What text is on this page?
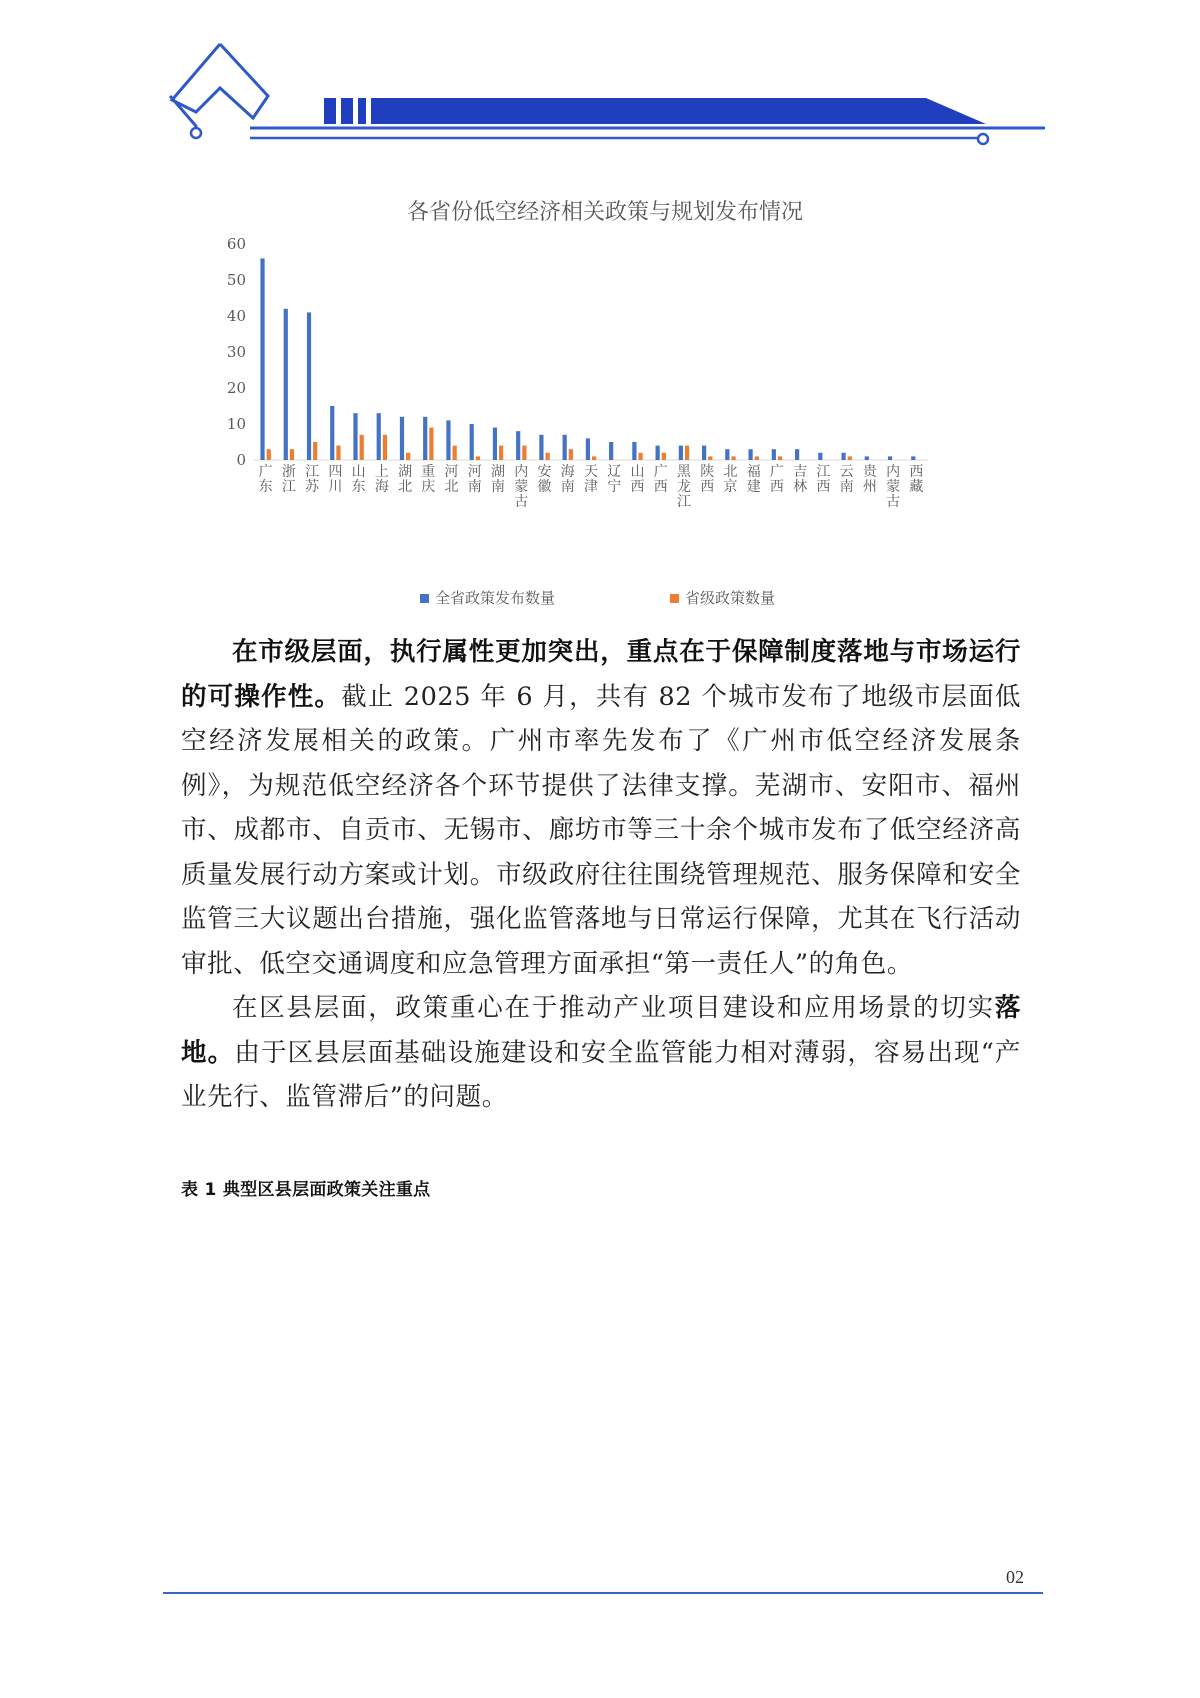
各省份低空经济相关政策与规划发布情况
0
10
20
30
40
50
60
广东
浙江
江苏
四川
山东
上海
湖北
重庆
河北
河南
湖南
内蒙古
安徽
海南
天津
辽宁
山西
广西
黑龙江
陕西
北京
福建
广西
吉林
江西
云南
贵州
内蒙古
西藏
全省政策发布数量	省级政策数量

在市级层面，执行属性更加突出，重点在于保障制度落地与市场运行的可操作性。截止 2025 年 6 月，共有 82 个城市发布了地级市层面低空经济发展相关的政策。广州市率先发布了《广州市低空经济发展条例》，为规范低空经济各个环节提供了法律支撑。芜湖市、安阳市、福州市、成都市、自贡市、无锡市、廊坊市等三十余个城市发布了低空经济高质量发展行动方案或计划。市级政府往往围绕管理规范、服务保障和安全监管三大议题出台措施，强化监管落地与日常运行保障，尤其在飞行活动审批、低空交通调度和应急管理方面承担“第一责任人”的角色。

在区县层面，政策重心在于推动产业项目建设和应用场景的切实落地。由于区县层面基础设施建设和安全监管能力相对薄弱，容易出现“产业先行、监管滞后”的问题。

表 1 典型区县层面政策关注重点
02
